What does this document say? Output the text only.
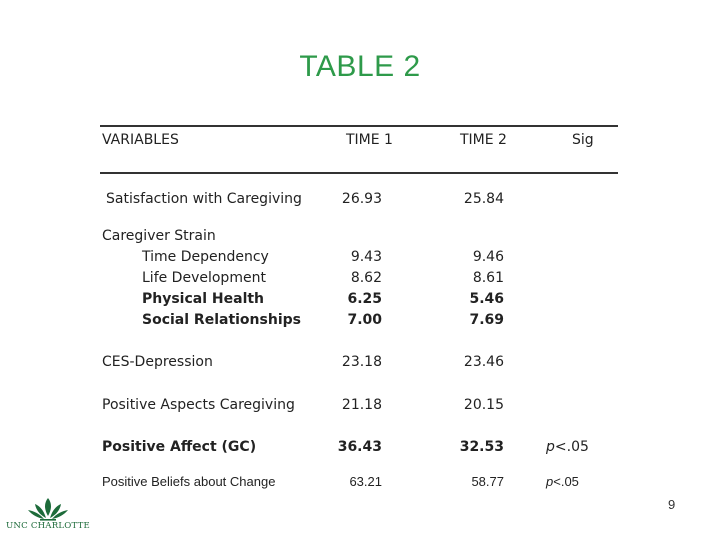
TABLE 2
VARIABLES	TIME 1	TIME 2	Sig
Satisfaction with Caregiving	26.93	25.84
Caregiver Strain
Time Dependency	9.43	9.46
Life Development	8.62	8.61
Physical Health	6.25	5.46
Social Relationships	7.00	7.69
CES-Depression	23.18	23.46
Positive Aspects Caregiving	21.18	20.15
Positive Affect (GC)	36.43	32.53	p<.05
Positive Beliefs about Change	63.21	58.77	p<.05
UNC CHARLOTTE
9
